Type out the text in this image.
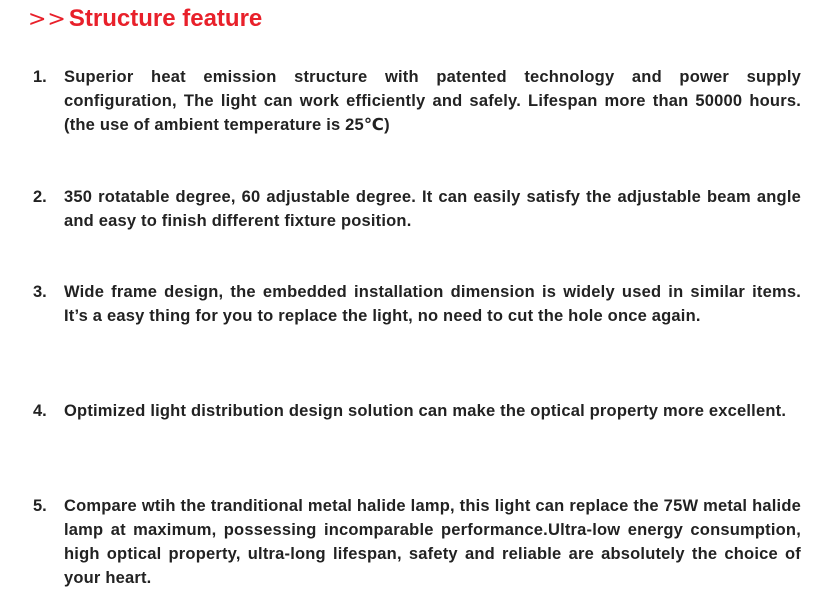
>> Structure feature
1.	Superior heat emission structure with patented technology and power supply configuration, The light can work efficiently and safely. Lifespan more than 50000 hours.(the use of ambient temperature is 25℃)
2.	350 rotatable degree, 60 adjustable degree. It can easily satisfy the adjustable beam angle and easy to finish different fixture position.
3.	Wide frame design, the embedded installation dimension is widely used in similar items. It’s a easy thing for you to replace the light, no need to cut the hole once again.
4.	Optimized light distribution design solution can make the optical property more excellent.
5.	Compare wtih the tranditional metal halide lamp, this light can replace the 75W metal halide lamp at maximum, possessing incomparable performance.Ultra-low energy consumption, high optical property, ultra-long lifespan, safety and reliable are absolutely the choice of your heart.
